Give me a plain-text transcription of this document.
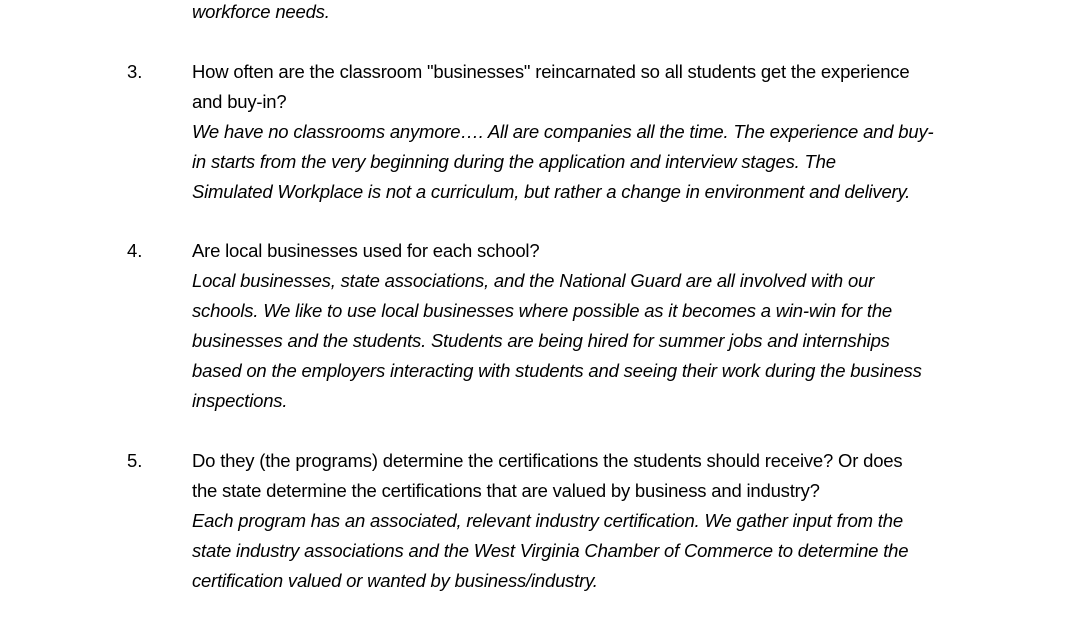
workforce needs.
3.	How often are the classroom "businesses" reincarnated so all students get the experience
and buy-in?
We have no classrooms anymore…. All are companies all the time. The experience and buy-
in starts from the very beginning during the application and interview stages. The
Simulated Workplace is not a curriculum, but rather a change in environment and delivery.
4.	Are local businesses used for each school?
Local businesses, state associations, and the National Guard are all involved with our
schools. We like to use local businesses where possible as it becomes a win-win for the
businesses and the students. Students are being hired for summer jobs and internships
based on the employers interacting with students and seeing their work during the business
inspections.
5.	Do they (the programs) determine the certifications the students should receive? Or does
the state determine the certifications that are valued by business and industry?
Each program has an associated, relevant industry certification. We gather input from the
state industry associations and the West Virginia Chamber of Commerce to determine the
certification valued or wanted by business/industry.
